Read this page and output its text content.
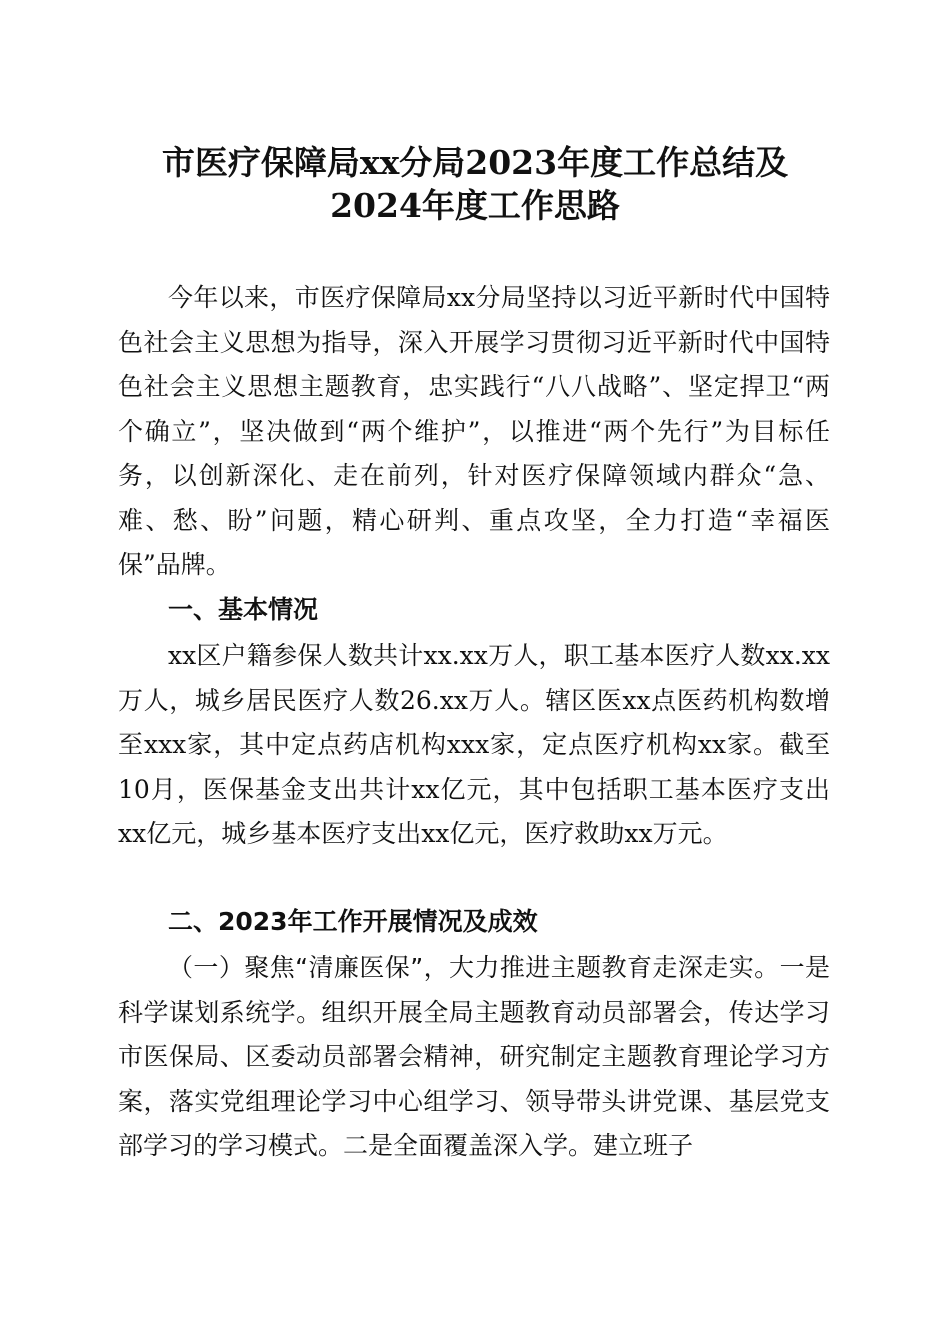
市医疗保障局xx分局2023年度工作总结及
2024年度工作思路

今年以来，市医疗保障局xx分局坚持以习近平新时代中国特色社会主义思想为指导，深入开展学习贯彻习近平新时代中国特色社会主义思想主题教育，忠实践行“八八战略”、坚定捍卫“两个确立”，坚决做到“两个维护”，以推进“两个先行”为目标任务，以创新深化、走在前列，针对医疗保障领域内群众“急、难、愁、盼”问题，精心研判、重点攻坚，全力打造“幸福医保”品牌。

一、基本情况

xx区户籍参保人数共计xx.xx万人，职工基本医疗人数xx.xx万人，城乡居民医疗人数26.xx万人。辖区医xx点医药机构数增至xxx家，其中定点药店机构xxx家，定点医疗机构xx家。截至10月，医保基金支出共计xx亿元，其中包括职工基本医疗支出xx亿元，城乡基本医疗支出xx亿元，医疗救助xx万元。

二、2023年工作开展情况及成效

（一）聚焦“清廉医保”，大力推进主题教育走深走实。一是科学谋划系统学。组织开展全局主题教育动员部署会，传达学习市医保局、区委动员部署会精神，研究制定主题教育理论学习方案，落实党组理论学习中心组学习、领导带头讲党课、基层党支部学习的学习模式。二是全面覆盖深入学。建立班子
